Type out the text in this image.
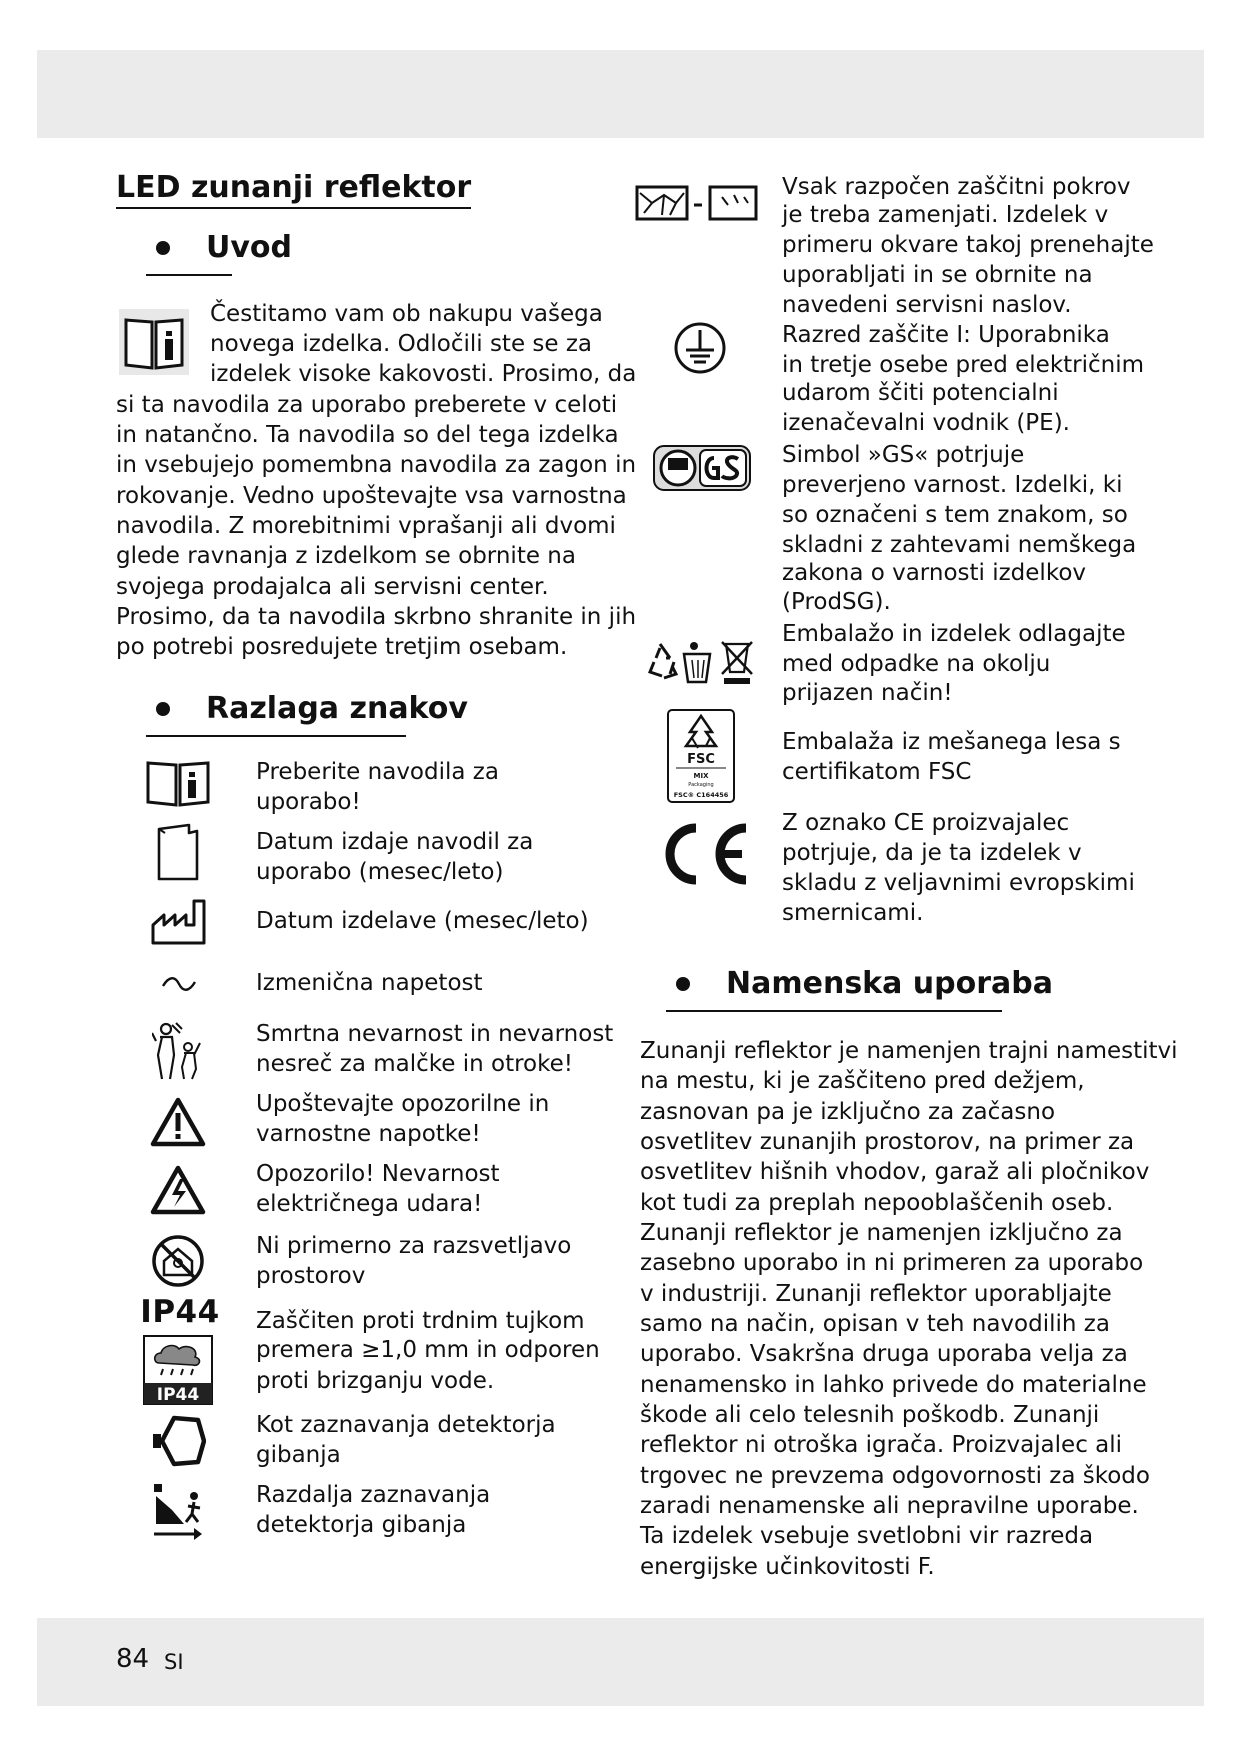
LED zunanji reflektor
Uvod
Čestitamo vam ob nakupu vašega
novega izdelka. Odločili ste se za
izdelek visoke kakovosti. Prosimo, da
si ta navodila za uporabo preberete v celoti
in natančno. Ta navodila so del tega izdelka
in vsebujejo pomembna navodila za zagon in
rokovanje. Vedno upoštevajte vsa varnostna
navodila. Z morebitnimi vprašanji ali dvomi
glede ravnanja z izdelkom se obrnite na
svojega prodajalca ali servisni center.
Prosimo, da ta navodila skrbno shranite in jih
po potrebi posredujete tretjim osebam.
Razlaga znakov
Preberite navodila za
uporabo!
Datum izdaje navodil za
uporabo (mesec/leto)
Datum izdelave (mesec/leto)
Izmenična napetost
Smrtna nevarnost in nevarnost
nesreč za malčke in otroke!
Upoštevajte opozorilne in
varnostne napotke!
Opozorilo! Nevarnost
električnega udara!
Ni primerno za razsvetljavo
prostorov
IP44
IP44
Zaščiten proti trdnim tujkom
premera ≥1,0 mm in odporen
proti brizganju vode.
Kot zaznavanja detektorja
gibanja
Razdalja zaznavanja
detektorja gibanja
Vsak razpočen zaščitni pokrov
je treba zamenjati. Izdelek v
primeru okvare takoj prenehajte
uporabljati in se obrnite na
navedeni servisni naslov.
Razred zaščite I: Uporabnika
in tretje osebe pred električnim
udarom ščiti potencialni
izenačevalni vodnik (PE).
Simbol »GS« potrjuje
preverjeno varnost. Izdelki, ki
so označeni s tem znakom, so
skladni z zahtevami nemškega
zakona o varnosti izdelkov
(ProdSG).
Embalažo in izdelek odlagajte
med odpadke na okolju
prijazen način!
FSC
MIX
Packaging
FSC® C164456
Embalaža iz mešanega lesa s
certifikatom FSC
Z oznako CE proizvajalec
potrjuje, da je ta izdelek v
skladu z veljavnimi evropskimi
smernicami.
Namenska uporaba
Zunanji reflektor je namenjen trajni namestitvi
na mestu, ki je zaščiteno pred dežjem,
zasnovan pa je izključno za začasno
osvetlitev zunanjih prostorov, na primer za
osvetlitev hišnih vhodov, garaž ali pločnikov
kot tudi za preplah nepooblaščenih oseb.
Zunanji reflektor je namenjen izključno za
zasebno uporabo in ni primeren za uporabo
v industriji. Zunanji reflektor uporabljajte
samo na način, opisan v teh navodilih za
uporabo. Vsakršna druga uporaba velja za
nenamensko in lahko privede do materialne
škode ali celo telesnih poškodb. Zunanji
reflektor ni otroška igrača. Proizvajalec ali
trgovec ne prevzema odgovornosti za škodo
zaradi nenamenske ali nepravilne uporabe.
Ta izdelek vsebuje svetlobni vir razreda
energijske učinkovitosti F.
84 SI
